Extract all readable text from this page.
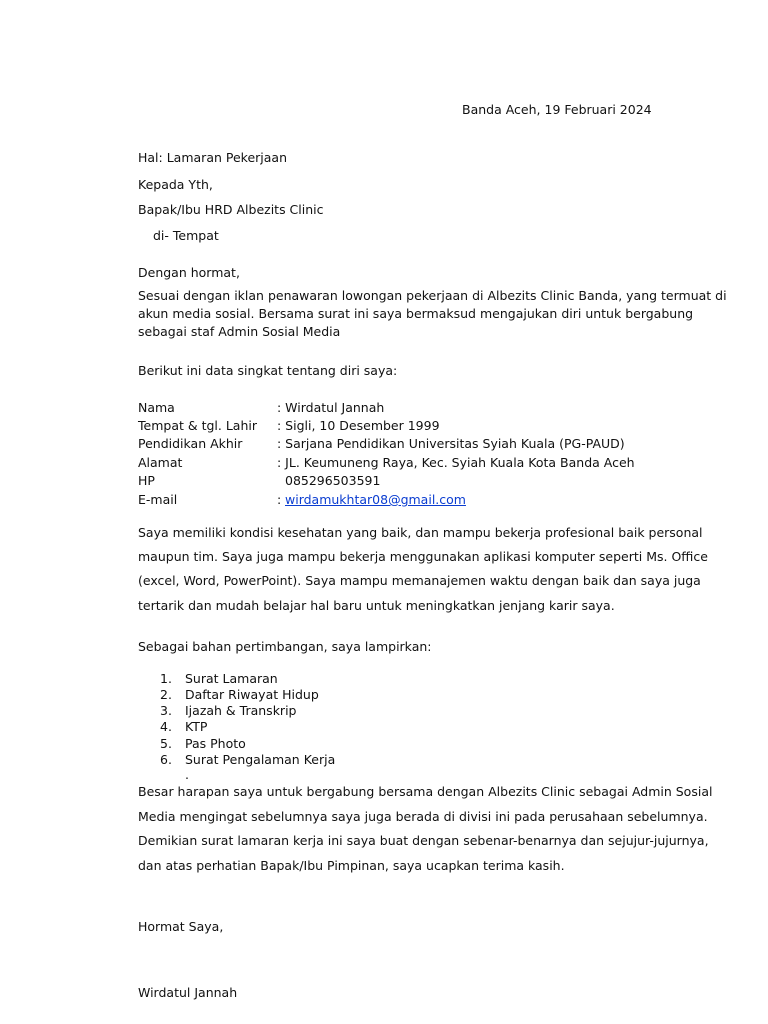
Banda Aceh, 19 Februari 2024
Hal: Lamaran Pekerjaan
Kepada Yth,
Bapak/Ibu HRD Albezits Clinic
di- Tempat
Dengan hormat,
Sesuai dengan iklan penawaran lowongan pekerjaan di Albezits Clinic Banda, yang termuat di
akun media sosial. Bersama surat ini saya bermaksud mengajukan diri untuk bergabung
sebagai staf Admin Sosial Media
Berikut ini data singkat tentang diri saya:
Nama	: Wirdatul Jannah
Tempat & tgl. Lahir : Sigli, 10 Desember 1999
Pendidikan Akhir	: Sarjana Pendidikan Universitas Syiah Kuala (PG-PAUD)
Alamat	: JL. Keumuneng Raya, Kec. Syiah Kuala Kota Banda Aceh
HP	085296503591
E-mail	: wirdamukhtar08@gmail.com
Saya memiliki kondisi kesehatan yang baik, dan mampu bekerja profesional baik personal
maupun tim. Saya juga mampu bekerja menggunakan aplikasi komputer seperti Ms. Office
(excel, Word, PowerPoint). Saya mampu memanajemen waktu dengan baik dan saya juga
tertarik dan mudah belajar hal baru untuk meningkatkan jenjang karir saya.
Sebagai bahan pertimbangan, saya lampirkan:
1. Surat Lamaran
2. Daftar Riwayat Hidup
3. Ijazah & Transkrip
4. KTP
5. Pas Photo
6. Surat Pengalaman Kerja
.
Besar harapan saya untuk bergabung bersama dengan Albezits Clinic sebagai Admin Sosial
Media mengingat sebelumnya saya juga berada di divisi ini pada perusahaan sebelumnya.
Demikian surat lamaran kerja ini saya buat dengan sebenar-benarnya dan sejujur-jujurnya,
dan atas perhatian Bapak/Ibu Pimpinan, saya ucapkan terima kasih.
Hormat Saya,
Wirdatul Jannah
